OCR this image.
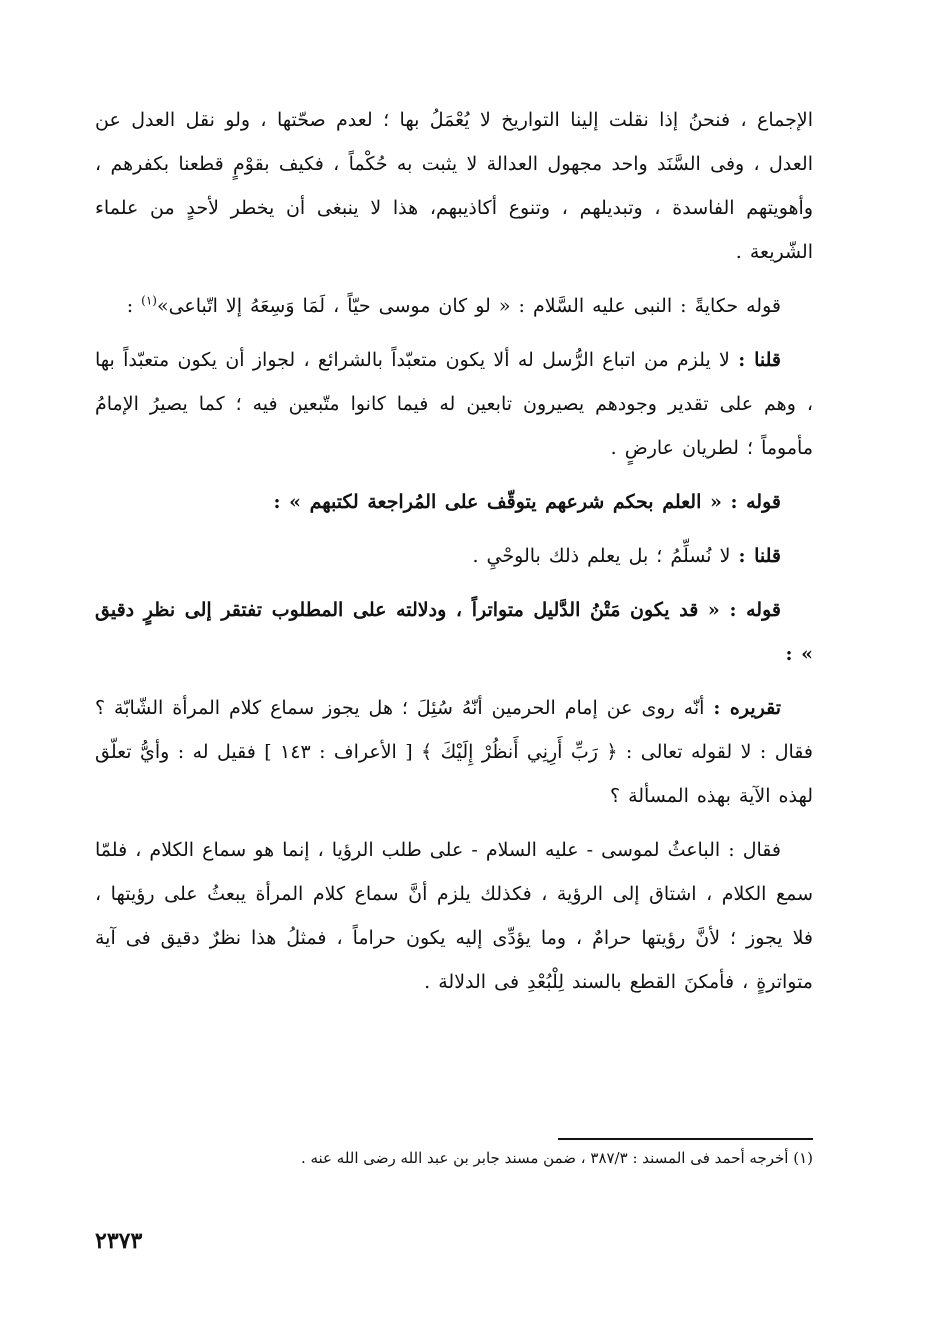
الإجماع ، فنحنُ إذا نقلت إلينا التواريخ لا يُعْمَلُ بها ؛ لعدم صحّتها ، ولو نقل العدل عن العدل ، وفى السَّنَد واحد مجهول العدالة لا يثبت به حُكْماً ، فكيف بقوْمٍ قطعنا بكفرهم ، وأهويتهم الفاسدة ، وتبديلهم ، وتنوع أكاذيبهم، هذا لا ينبغى أن يخطر لأحدٍ من علماء الشّريعة .

قوله حكايةً : النبى عليه السَّلام : « لو كان موسى حيّاً ، لَمَا وَسِعَهُ إلا اتّباعى»$^{(١)}$ :

قلنا : لا يلزم من اتباع الرُّسل له ألا يكون متعبّداً بالشرائع ، لجواز أن يكون متعبّداً بها ، وهم على تقدير وجودهم يصيرون تابعين له فيما كانوا متّبعين فيه ؛ كما يصيرُ الإمامُ مأموماً ؛ لطريان عارضٍ .

قوله : « العلم بحكم شرعهم يتوقّف على المُراجعة لكتبهم » :

قلنا : لا نُسلِّمُ ؛ بل يعلم ذلك بالوحْيِ .

قوله : « قد يكون مَتْنُ الدَّليل متواتراً ، ودلالته على المطلوب تفتقر إلى نظرٍ دقيق » :

تقريره : أنّه روى عن إمام الحرمين أنّهُ سُئِلَ ؛ هل يجوز سماع كلام المرأة الشّابّة ؟ فقال : لا لقوله تعالى : ﴿ رَبِّ أَرِنِي أَنظُرْ إِلَيْكَ ﴾ [ الأعراف : ١٤٣ ] فقيل له : وأيُّ تعلّق لهذه الآية بهذه المسألة ؟

فقال : الباعثُ لموسى - عليه السلام - على طلب الرؤيا ، إنما هو سماع الكلام ، فلمّا سمع الكلام ، اشتاق إلى الرؤية ، فكذلك يلزم أنَّ سماع كلام المرأة يبعثُ على رؤيتها ، فلا يجوز ؛ لأنَّ رؤيتها حرامٌ ، وما يؤدِّى إليه يكون حراماً ، فمثلُ هذا نظرٌ دقيق فى آية متواترةٍ ، فأمكنَ القطع بالسند لِلْبُعْدِ فى الدلالة .

(١) أخرجه أحمد فى المسند : ٣٨٧/٣ ، ضمن مسند جابر بن عبد الله رضى الله عنه .
٢٣٧٣
